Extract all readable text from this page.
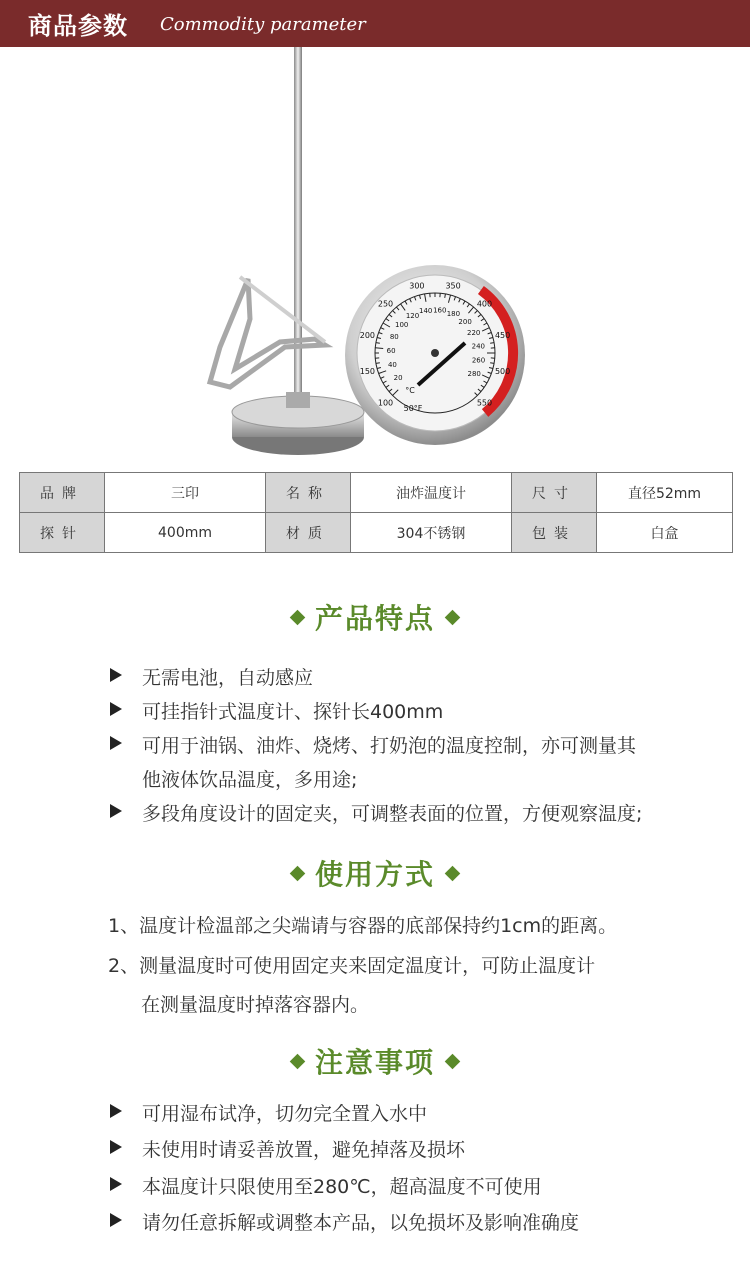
商品参数 Commodity parameter
100
150
200
250
300	350
400
450
500
550
20
40
60
80
100
120
140 160 180
200
220
240
260
280
°C
50°F
品牌	三印	名称	油炸温度计	尺寸	直径52mm
探针	400mm	材质	304不锈钢	包装	白盒
产品特点
无需电池，自动感应
可挂指针式温度计、探针长400mm
可用于油锅、油炸、烧烤、打奶泡的温度控制，亦可测量其
他液体饮品温度，多用途;
多段角度设计的固定夹，可调整表面的位置，方便观察温度;
使用方式
1、温度计检温部之尖端请与容器的底部保持约1cm的距离。
2、测量温度时可使用固定夹来固定温度计，可防止温度计
在测量温度时掉落容器内。
注意事项
可用湿布试净，切勿完全置入水中
未使用时请妥善放置，避免掉落及损坏
本温度计只限使用至280℃，超高温度不可使用
请勿任意拆解或调整本产品，以免损坏及影响准确度
